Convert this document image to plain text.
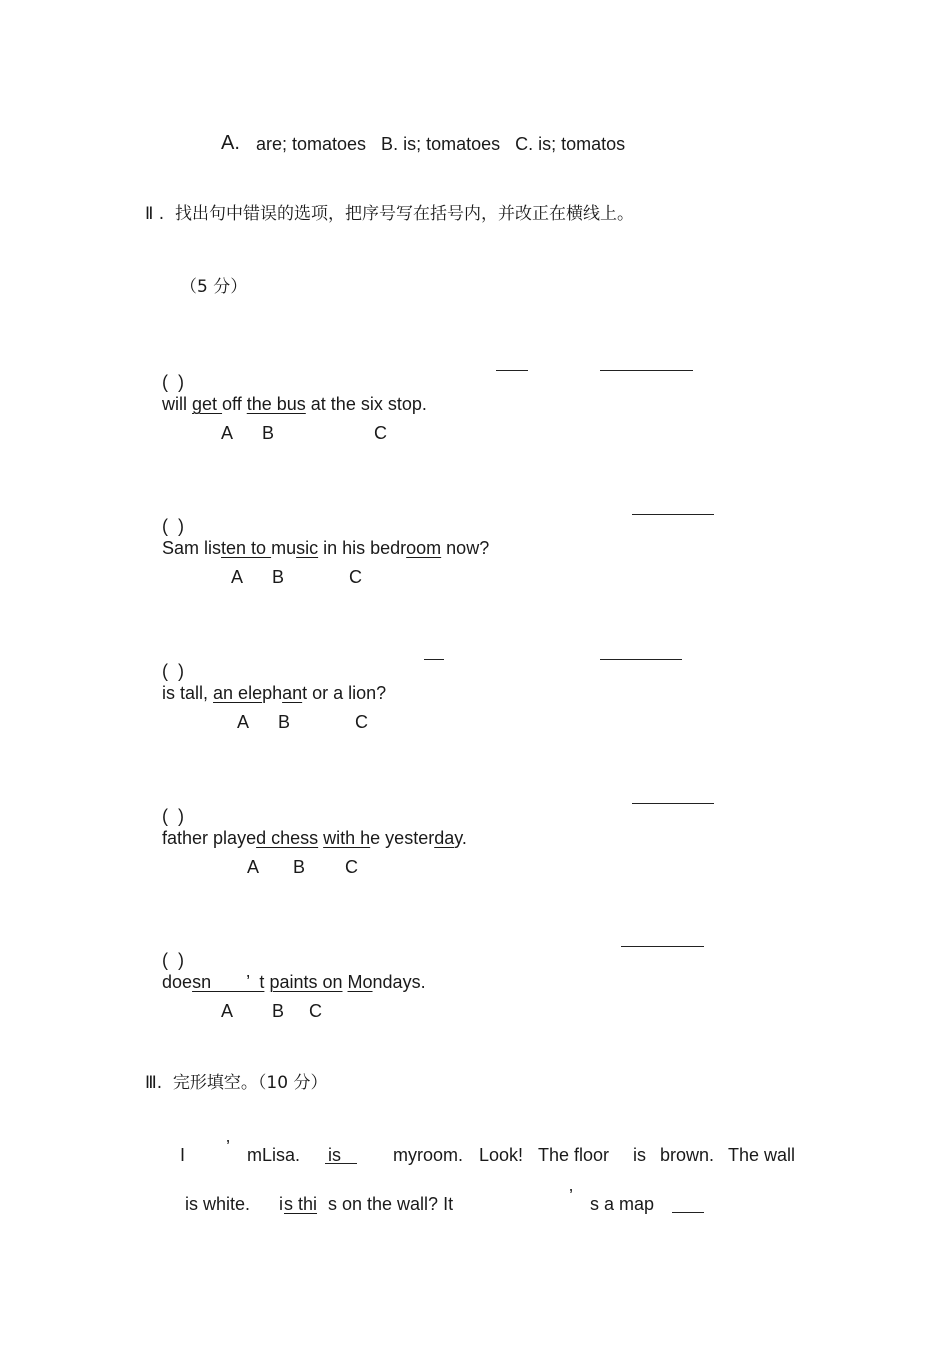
A. are; tomatoes   B. is; tomatoes   C. is; tomatos
Ⅱ .  找出句中错误的选项，把序号写在括号内，并改正在横线上。
（5 分）

(  )
will get off the bus at the six stop.

A      B                    C

(  )
Sam listen to music in his bedroom now?

A      B             C

(  )
is tall, an elephant or a lion?

A      B             C

(  )
father played chess with he yesterday.

A       B        C

(  )
doesn       ’  t paints on Mondays.

A        B     C
Ⅲ.  完形填空。（10 分）
I ’ mLisa. is	myroom. Look! The floor is brown. The wall
is white. i s thi s on the wall? It	’ s a map
